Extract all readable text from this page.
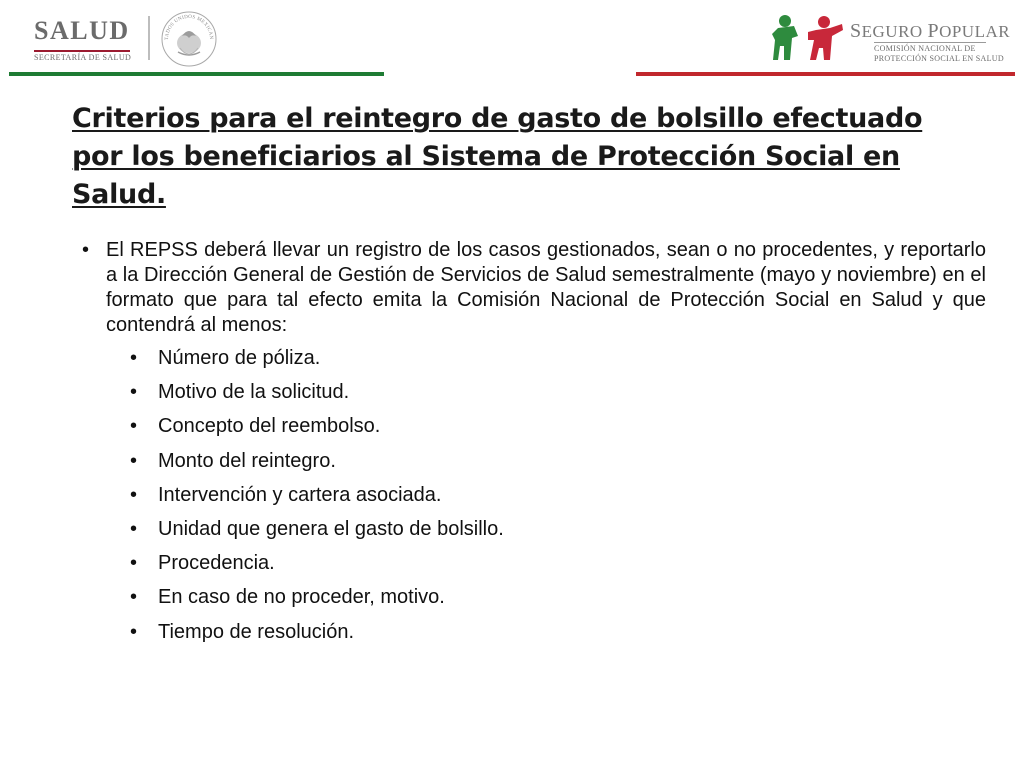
SALUD
SECRETARÍA DE SALUD
TADOS UNIDOS MEXICAN	SEGURO POPULAR
COMISIÓN NACIONAL DE
PROTECCIÓN SOCIAL EN SALUD
Criterios para el reintegro de gasto de bolsillo efectuado por los beneficiarios al Sistema de Protección Social en Salud.

• El REPSS deberá llevar un registro de los casos gestionados, sean o no procedentes, y reportarlo a la Dirección General de Gestión de Servicios de Salud semestralmente (mayo y noviembre) en el formato que para tal efecto emita la Comisión Nacional de Protección Social en Salud y que contendrá al menos:

• Número de póliza.
• Motivo de la solicitud.
• Concepto del reembolso.
• Monto del reintegro.
• Intervención y cartera asociada.
• Unidad que genera el gasto de bolsillo.
• Procedencia.
• En caso de no proceder, motivo.
• Tiempo de resolución.
